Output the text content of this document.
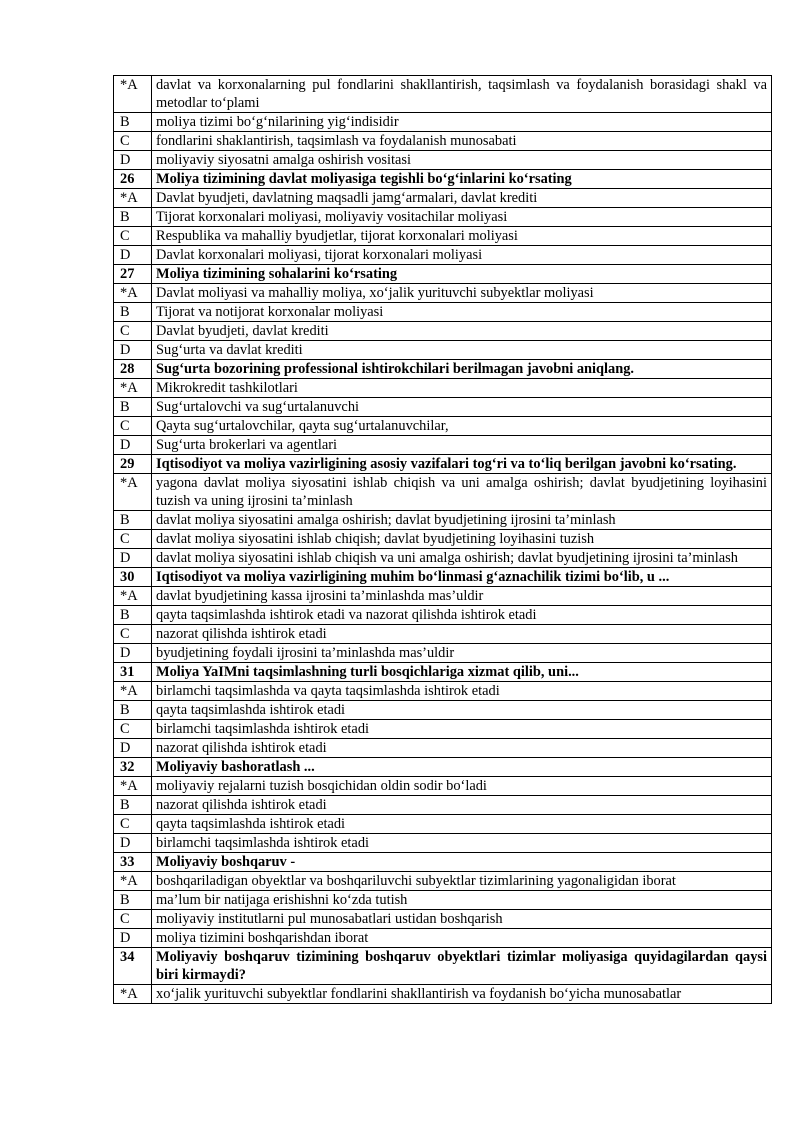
*A	davlat va korxonalarning pul fondlarini shakllantirish, taqsimlash va foydalanish borasidagi shakl va metodlar to‘plami
B	moliya tizimi bo‘g‘nilarining yig‘indisidir
C	fondlarini shaklantirish, taqsimlash va foydalanish munosabati
D	moliyaviy siyosatni amalga oshirish vositasi
26	Moliya tizimining davlat moliyasiga tegishli bo‘g‘inlarini ko‘rsating
*A	Davlat byudjeti, davlatning maqsadli jamg‘armalari, davlat krediti
B	Tijorat korxonalari moliyasi, moliyaviy vositachilar moliyasi
C	Respublika va mahalliy byudjetlar, tijorat korxonalari moliyasi
D	Davlat korxonalari moliyasi, tijorat korxonalari moliyasi
27	Moliya tizimining sohalarini ko‘rsating
*A	Davlat moliyasi va mahalliy moliya, xo‘jalik yurituvchi subyektlar moliyasi
B	Tijorat va notijorat korxonalar moliyasi
C	Davlat byudjeti, davlat krediti
D	Sug‘urta va davlat krediti
28	Sug‘urta bozorining professional ishtirokchilari berilmagan javobni aniqlang.
*A	Mikrokredit tashkilotlari
B	Sug‘urtalovchi va sug‘urtalanuvchi
C	Qayta sug‘urtalovchilar, qayta sug‘urtalanuvchilar,
D	Sug‘urta brokerlari va agentlari
29	Iqtisodiyot va moliya vazirligining asosiy vazifalari tog‘ri va to‘liq berilgan javobni ko‘rsating.
*A	yagona davlat moliya siyosatini ishlab chiqish va uni amalga oshirish; davlat byudjetining loyihasini tuzish va uning ijrosini ta’minlash
B	davlat moliya siyosatini amalga oshirish; davlat byudjetining ijrosini ta’minlash
C	davlat moliya siyosatini ishlab chiqish; davlat byudjetining loyihasini tuzish
D	davlat moliya siyosatini ishlab chiqish va uni amalga oshirish; davlat byudjetining ijrosini ta’minlash
30	Iqtisodiyot va moliya vazirligining muhim bo‘linmasi g‘aznachilik tizimi bo‘lib, u ...
*A	davlat byudjetining kassa ijrosini ta’minlashda mas’uldir
B	qayta taqsimlashda ishtirok etadi va nazorat qilishda ishtirok etadi
C	nazorat qilishda ishtirok etadi
D	byudjetining foydali ijrosini ta’minlashda mas’uldir
31	Moliya YaIMni taqsimlashning turli bosqichlariga xizmat qilib, uni...
*A	birlamchi taqsimlashda va qayta taqsimlashda ishtirok etadi
B	qayta taqsimlashda ishtirok etadi
C	birlamchi taqsimlashda ishtirok etadi
D	nazorat qilishda ishtirok etadi
32	Moliyaviy bashoratlash ...
*A	moliyaviy rejalarni tuzish bosqichidan oldin sodir bo‘ladi
B	nazorat qilishda ishtirok etadi
C	qayta taqsimlashda ishtirok etadi
D	birlamchi taqsimlashda ishtirok etadi
33	Moliyaviy boshqaruv -
*A	boshqariladigan obyektlar va boshqariluvchi subyektlar tizimlarining yagonaligidan iborat
B	ma’lum bir natijaga erishishni ko‘zda tutish
C	moliyaviy institutlarni pul munosabatlari ustidan boshqarish
D	moliya tizimini boshqarishdan iborat
34	Moliyaviy boshqaruv tizimining boshqaruv obyektlari tizimlar moliyasiga quyidagilardan qaysi biri kirmaydi?
*A	xo‘jalik yurituvchi subyektlar fondlarini shakllantirish va foydanish bo‘yicha munosabatlar
